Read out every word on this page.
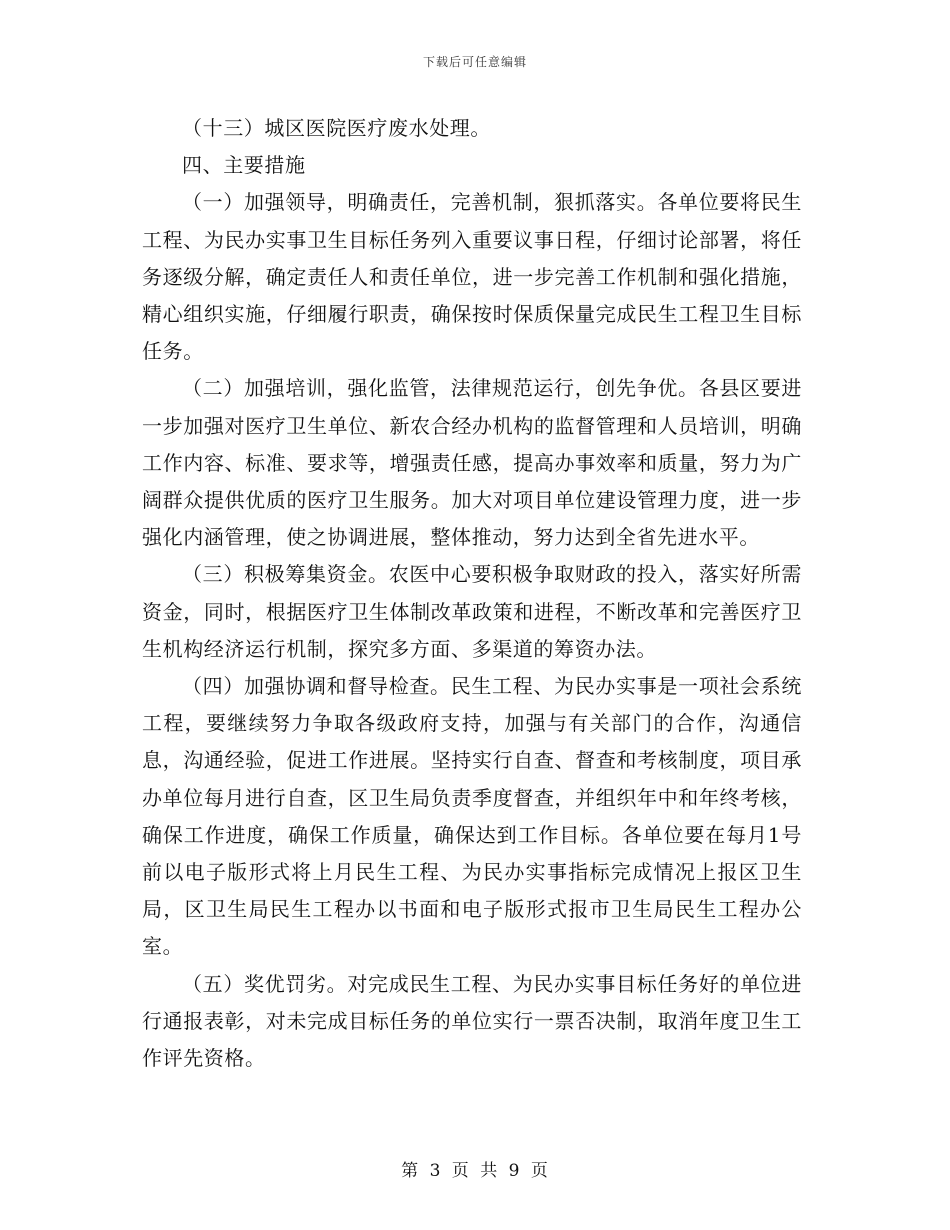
下载后可任意编辑

（十三）城区医院医疗废水处理。

四、主要措施

（一）加强领导，明确责任，完善机制，狠抓落实。各单位要将民生工程、为民办实事卫生目标任务列入重要议事日程，仔细讨论部署，将任务逐级分解，确定责任人和责任单位，进一步完善工作机制和强化措施，精心组织实施，仔细履行职责，确保按时保质保量完成民生工程卫生目标任务。

（二）加强培训，强化监管，法律规范运行，创先争优。各县区要进一步加强对医疗卫生单位、新农合经办机构的监督管理和人员培训，明确工作内容、标准、要求等，增强责任感，提高办事效率和质量，努力为广阔群众提供优质的医疗卫生服务。加大对项目单位建设管理力度，进一步强化内涵管理，使之协调进展，整体推动，努力达到全省先进水平。

（三）积极筹集资金。农医中心要积极争取财政的投入，落实好所需资金，同时，根据医疗卫生体制改革政策和进程，不断改革和完善医疗卫生机构经济运行机制，探究多方面、多渠道的筹资办法。

（四）加强协调和督导检查。民生工程、为民办实事是一项社会系统工程，要继续努力争取各级政府支持，加强与有关部门的合作，沟通信息，沟通经验，促进工作进展。坚持实行自查、督查和考核制度，项目承办单位每月进行自查，区卫生局负责季度督查，并组织年中和年终考核，确保工作进度，确保工作质量，确保达到工作目标。各单位要在每月1号前以电子版形式将上月民生工程、为民办实事指标完成情况上报区卫生局，区卫生局民生工程办以书面和电子版形式报市卫生局民生工程办公室。

（五）奖优罚劣。对完成民生工程、为民办实事目标任务好的单位进行通报表彰，对未完成目标任务的单位实行一票否决制，取消年度卫生工作评先资格。

第 3 页 共 9 页
